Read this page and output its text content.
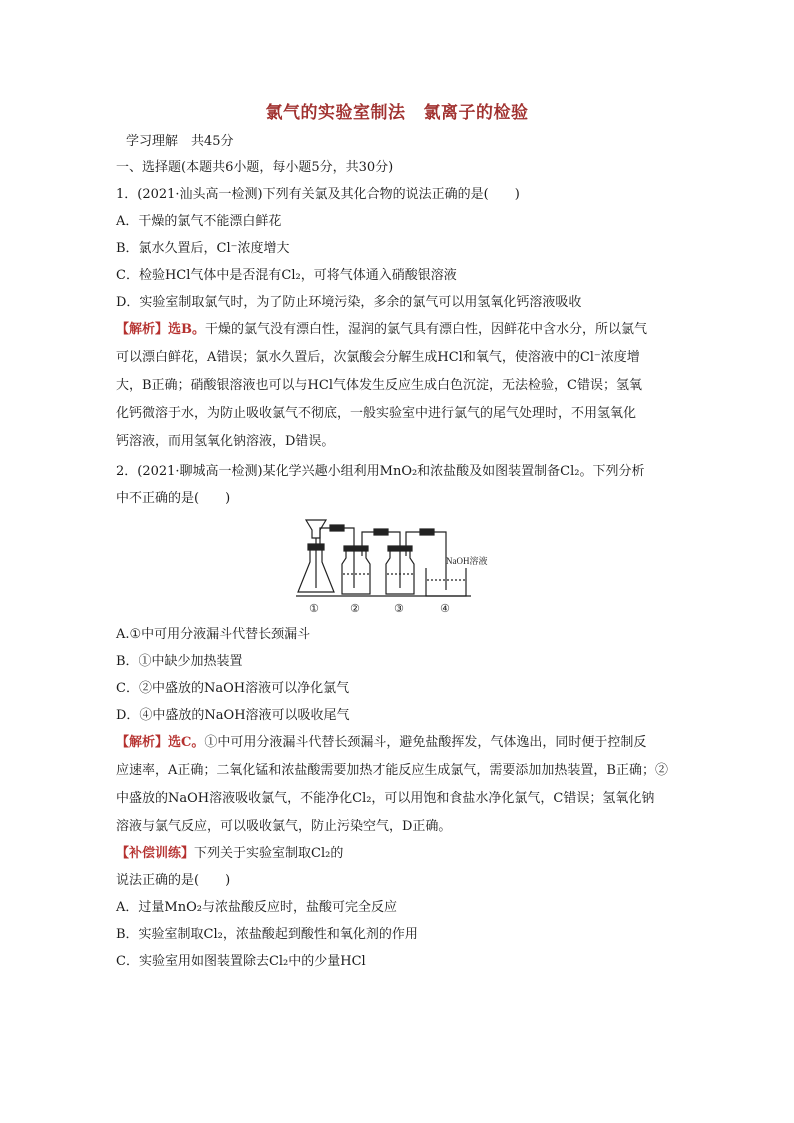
氯气的实验室制法 氯离子的检验
学习理解　共45分
一、选择题(本题共6小题，每小题5分，共30分)
1．(2021·汕头高一检测)下列有关氯及其化合物的说法正确的是(　　)
A．干燥的氯气不能漂白鲜花
B．氯水久置后，Cl⁻浓度增大
C．检验HCl气体中是否混有Cl₂，可将气体通入硝酸银溶液
D．实验室制取氯气时，为了防止环境污染，多余的氯气可以用氢氧化钙溶液吸收
【解析】选B。干燥的氯气没有漂白性，湿润的氯气具有漂白性，因鲜花中含水分，所以氯气
可以漂白鲜花，A错误；氯水久置后，次氯酸会分解生成HCl和氧气，使溶液中的Cl⁻浓度增
大，B正确；硝酸银溶液也可以与HCl气体发生反应生成白色沉淀，无法检验，C错误；氢氧
化钙微溶于水，为防止吸收氯气不彻底，一般实验室中进行氯气的尾气处理时，不用氢氧化
钙溶液，而用氢氧化钠溶液，D错误。
2．(2021·聊城高一检测)某化学兴趣小组利用MnO₂和浓盐酸及如图装置制备Cl₂。下列分析
中不正确的是(　　)
NaOH溶液
①	②	③	④
A.①中可用分液漏斗代替长颈漏斗
B．①中缺少加热装置
C．②中盛放的NaOH溶液可以净化氯气
D．④中盛放的NaOH溶液可以吸收尾气
【解析】选C。①中可用分液漏斗代替长颈漏斗，避免盐酸挥发，气体逸出，同时便于控制反
应速率，A正确；二氧化锰和浓盐酸需要加热才能反应生成氯气，需要添加加热装置，B正确；②
中盛放的NaOH溶液吸收氯气，不能净化Cl₂，可以用饱和食盐水净化氯气，C错误；氢氧化钠
溶液与氯气反应，可以吸收氯气，防止污染空气，D正确。
【补偿训练】下列关于实验室制取Cl₂的
说法正确的是(　　)
A．过量MnO₂与浓盐酸反应时，盐酸可完全反应
B．实验室制取Cl₂，浓盐酸起到酸性和氧化剂的作用
C．实验室用如图装置除去Cl₂中的少量HCl
